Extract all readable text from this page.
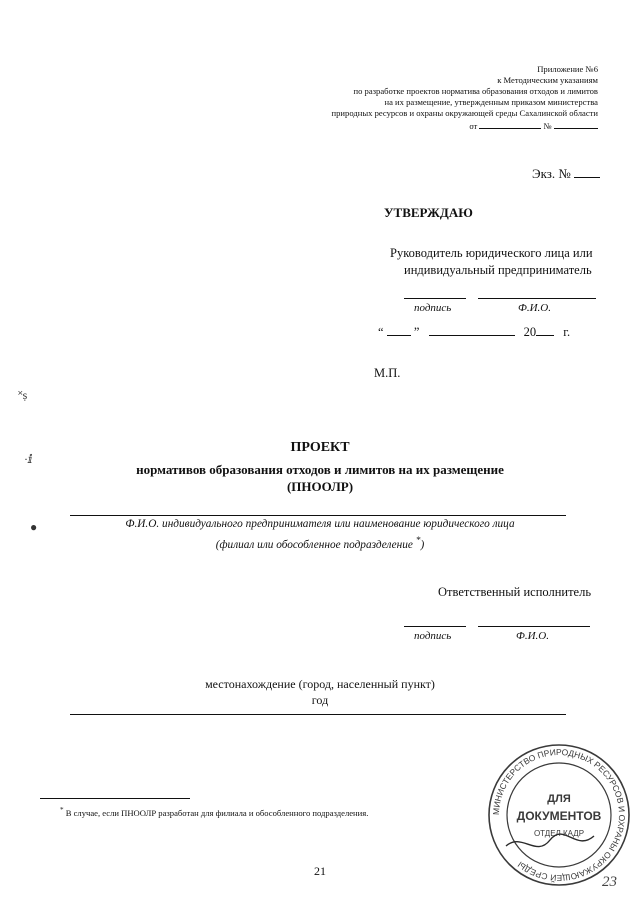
Приложение №6
к Методическим указаниям
по разработке проектов норматива образования отходов и лимитов
на их размещение, утвержденным приказом министерства
природных ресурсов и охраны окружающей среды Сахалинской области
от	№
Экз. №
УТВЕРЖДАЮ
Руководитель юридического лица или
индивидуальный предприниматель
подпись	Ф.И.О.
“ ”	20 г.
М.П.
ПРОЕКТ
нормативов образования отходов и лимитов на их размещение
(ПНООЛР)
Ф.И.О. индивидуального предпринимателя или наименование юридического лица
(филиал или обособленное подразделение *)
Ответственный исполнитель
подпись	Ф.И.О.
местонахождение (город, населенный пункт)
год
* В случае, если ПНООЛР разработан для филиала и обособленного подразделения.
21
˟ṣ
·ⅈ
●
МИНИСТЕРСТВО ПРИРОДНЫХ РЕСУРСОВ И ОХРАНЫ ОКРУЖАЮЩЕЙ СРЕДЫ
ДЛЯ
ДОКУМЕНТОВ
ОТДЕЛ КАДР
23
